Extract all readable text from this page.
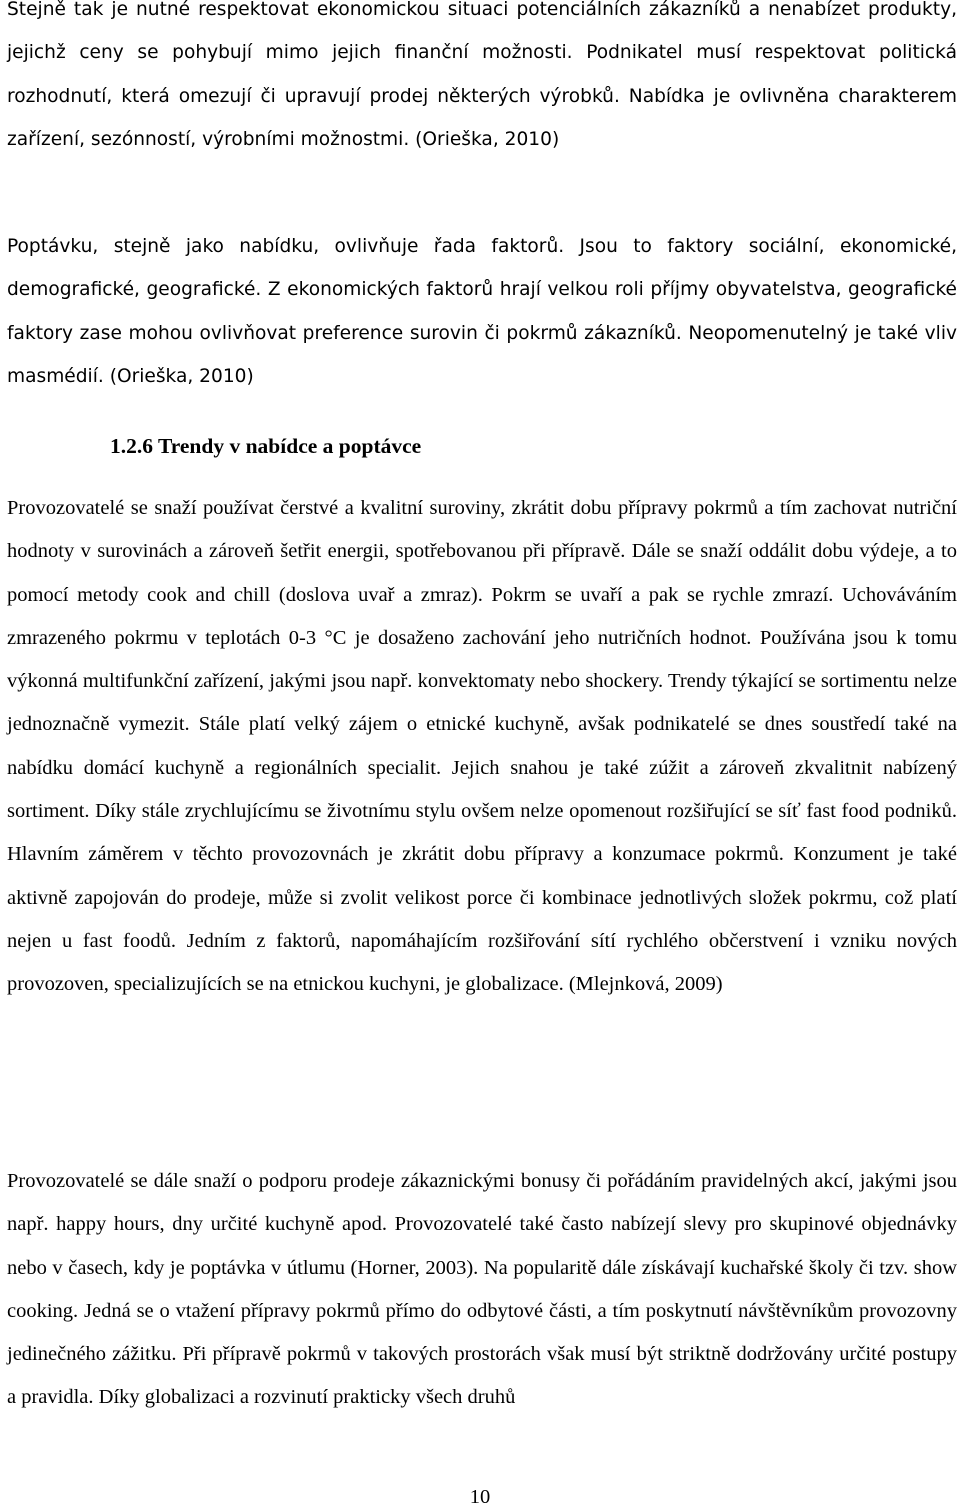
Stejně tak je nutné respektovat ekonomickou situaci potenciálních zákazníků a nenabízet produkty, jejichž ceny se pohybují mimo jejich finanční možnosti. Podnikatel musí respektovat politická rozhodnutí, která omezují či upravují prodej některých výrobků. Nabídka je ovlivněna charakterem zařízení, sezónností, výrobními možnostmi. (Orieška, 2010)

Poptávku, stejně jako nabídku, ovlivňuje řada faktorů. Jsou to faktory sociální, ekonomické, demografické, geografické. Z ekonomických faktorů hrají velkou roli příjmy obyvatelstva, geografické faktory zase mohou ovlivňovat preference surovin či pokrmů zákazníků. Neopomenutelný je také vliv masmédií. (Orieška, 2010)

1.2.6 Trendy v nabídce a poptávce

Provozovatelé se snaží používat čerstvé a kvalitní suroviny, zkrátit dobu přípravy pokrmů a tím zachovat nutriční hodnoty v surovinách a zároveň šetřit energii, spotřebovanou při přípravě. Dále se snaží oddálit dobu výdeje, a to pomocí metody cook and chill (doslova uvař a zmraz). Pokrm se uvaří a pak se rychle zmrazí. Uchováváním zmrazeného pokrmu v teplotách 0-3 °C je dosaženo zachování jeho nutričních hodnot. Používána jsou k tomu výkonná multifunkční zařízení, jakými jsou např. konvektomaty nebo shockery. Trendy týkající se sortimentu nelze jednoznačně vymezit. Stále platí velký zájem o etnické kuchyně, avšak podnikatelé se dnes soustředí také na nabídku domácí kuchyně a regionálních specialit. Jejich snahou je také zúžit a zároveň zkvalitnit nabízený sortiment. Díky stále zrychlujícímu se životnímu stylu ovšem nelze opomenout rozšiřující se síť fast food podniků. Hlavním záměrem v těchto provozovnách je zkrátit dobu přípravy a konzumace pokrmů. Konzument je také aktivně zapojován do prodeje, může si zvolit velikost porce či kombinace jednotlivých složek pokrmu, což platí nejen u fast foodů. Jedním z faktorů, napomáhajícím rozšiřování sítí rychlého občerstvení i vzniku nových provozoven, specializujících se na etnickou kuchyni, je globalizace. (Mlejnková, 2009)

Provozovatelé se dále snaží o podporu prodeje zákaznickými bonusy či pořádáním pravidelných akcí, jakými jsou např. happy hours, dny určité kuchyně apod. Provozovatelé také často nabízejí slevy pro skupinové objednávky nebo v časech, kdy je poptávka v útlumu (Horner, 2003). Na popularitě dále získávají kuchařské školy či tzv. show cooking. Jedná se o vtažení přípravy pokrmů přímo do odbytové části, a tím poskytnutí návštěvníkům provozovny jedinečného zážitku. Při přípravě pokrmů v takových prostorách však musí být striktně dodržovány určité postupy a pravidla. Díky globalizaci a rozvinutí prakticky všech druhů

10
